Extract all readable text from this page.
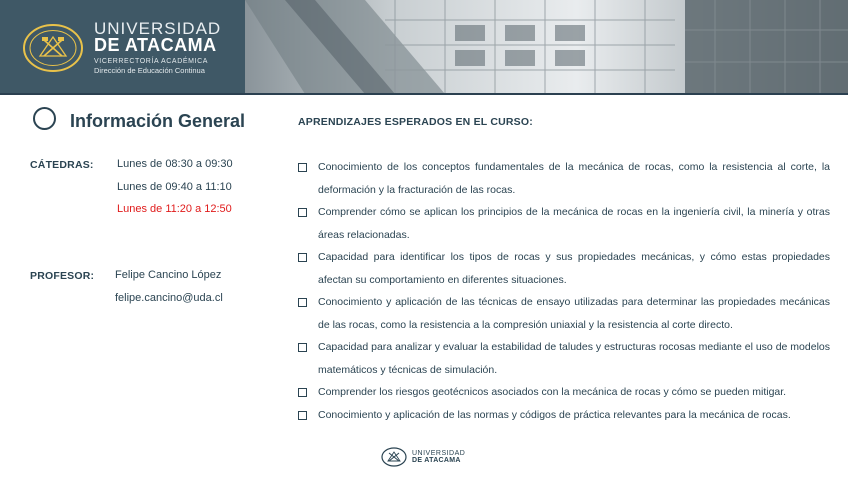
UNIVERSIDAD
DE ATACAMA
VICERRECTORÍA ACADÉMICA
Dirección de Educación Continua
Información General
CÁTEDRAS: Lunes de 08:30 a 09:30
Lunes de 09:40 a 11:10
Lunes de 11:20 a 12:50
PROFESOR: Felipe Cancino López
felipe.cancino@uda.cl
APRENDIZAJES ESPERADOS EN EL CURSO:
Conocimiento de los conceptos fundamentales de la mecánica de rocas, como la resistencia al corte, la deformación y la fracturación de las rocas.
Comprender cómo se aplican los principios de la mecánica de rocas en la ingeniería civil, la minería y otras áreas relacionadas.
Capacidad para identificar los tipos de rocas y sus propiedades mecánicas, y cómo estas propiedades afectan su comportamiento en diferentes situaciones.
Conocimiento y aplicación de las técnicas de ensayo utilizadas para determinar las propiedades mecánicas de las rocas, como la resistencia a la compresión uniaxial y la resistencia al corte directo.
Capacidad para analizar y evaluar la estabilidad de taludes y estructuras rocosas mediante el uso de modelos matemáticos y técnicas de simulación.
Comprender los riesgos geotécnicos asociados con la mecánica de rocas y cómo se pueden mitigar.
Conocimiento y aplicación de las normas y códigos de práctica relevantes para la mecánica de rocas.
UNIVERSIDAD
DE ATACAMA
